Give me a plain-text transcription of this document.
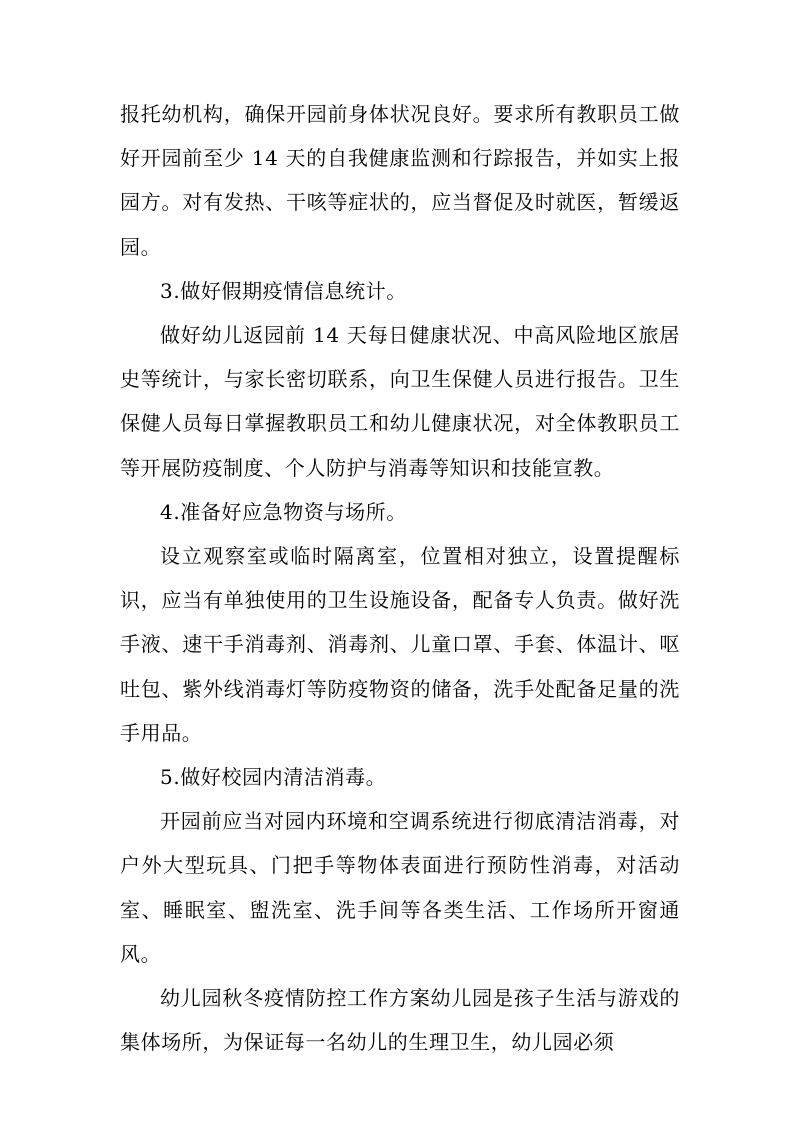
报托幼机构，确保开园前身体状况良好。要求所有教职员工做好开园前至少 14 天的自我健康监测和行踪报告，并如实上报园方。对有发热、干咳等症状的，应当督促及时就医，暂缓返园。

3.做好假期疫情信息统计。

做好幼儿返园前 14 天每日健康状况、中高风险地区旅居史等统计，与家长密切联系，向卫生保健人员进行报告。卫生保健人员每日掌握教职员工和幼儿健康状况，对全体教职员工等开展防疫制度、个人防护与消毒等知识和技能宣教。

4.准备好应急物资与场所。

设立观察室或临时隔离室，位置相对独立，设置提醒标识，应当有单独使用的卫生设施设备，配备专人负责。做好洗手液、速干手消毒剂、消毒剂、儿童口罩、手套、体温计、呕吐包、紫外线消毒灯等防疫物资的储备，洗手处配备足量的洗手用品。

5.做好校园内清洁消毒。

开园前应当对园内环境和空调系统进行彻底清洁消毒，对户外大型玩具、门把手等物体表面进行预防性消毒，对活动室、睡眠室、盥洗室、洗手间等各类生活、工作场所开窗通风。

幼儿园秋冬疫情防控工作方案幼儿园是孩子生活与游戏的集体场所，为保证每一名幼儿的生理卫生，幼儿园必须
